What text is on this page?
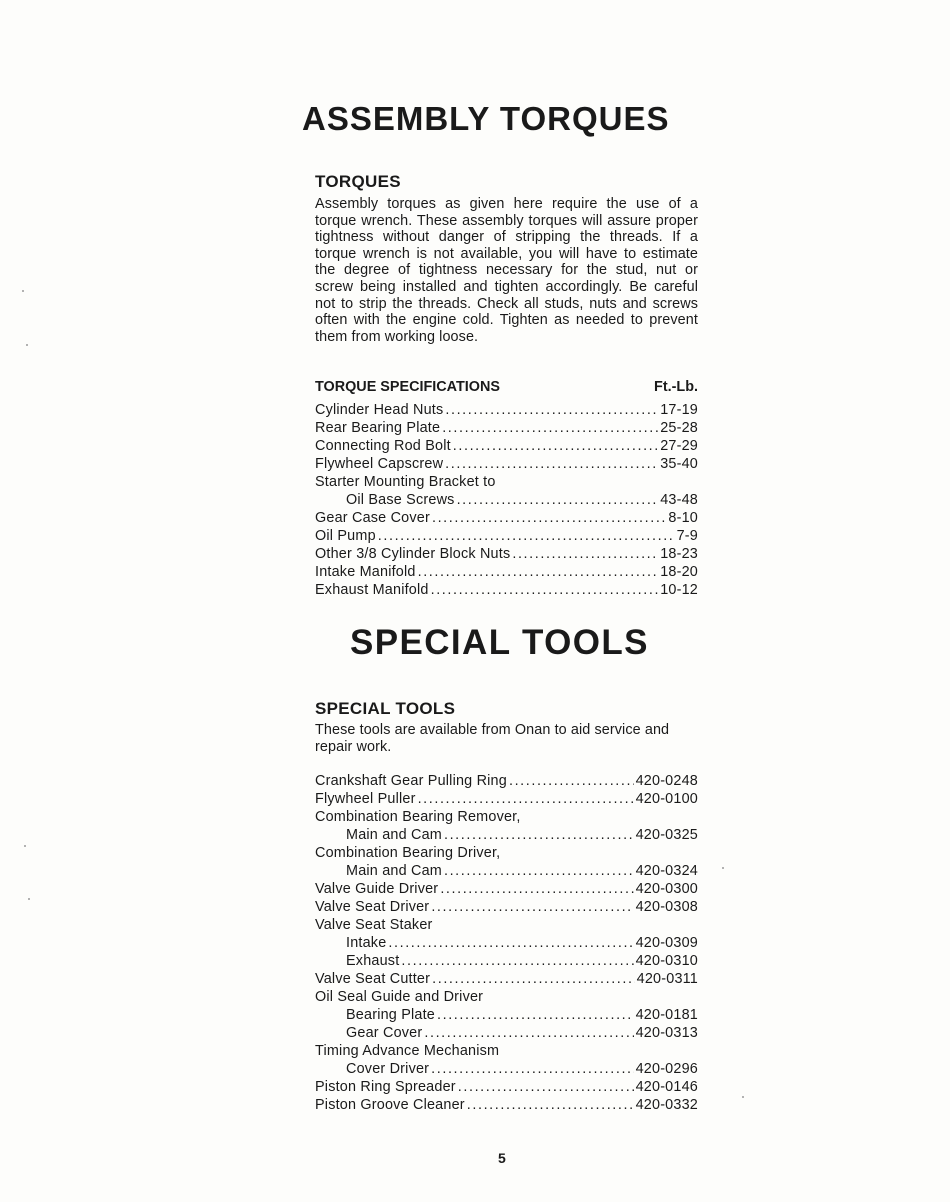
ASSEMBLY TORQUES
TORQUES

Assembly torques as given here require the use of a torque wrench. These assembly torques will assure proper tightness without danger of stripping the threads. If a torque wrench is not available, you will have to estimate the degree of tightness necessary for the stud, nut or screw being installed and tighten accordingly. Be careful not to strip the threads. Check all studs, nuts and screws often with the engine cold. Tighten as needed to prevent them from working loose.

TORQUE SPECIFICATIONS	Ft.-Lb.
Cylinder Head Nuts . . .	17-19
Rear Bearing Plate . . .	25-28
Connecting Rod Bolt . . .	27-29
Flywheel Capscrew . . .	35-40
Starter Mounting Bracket to
Oil Base Screws . . .	43-48
Gear Case Cover . . .	8-10
Oil Pump . . .	7-9
Other 3/8 Cylinder Block Nuts . . .	18-23
Intake Manifold . . .	18-20
Exhaust Manifold . . .	10-12
SPECIAL TOOLS
SPECIAL TOOLS

These tools are available from Onan to aid service and repair work.

Crankshaft Gear Pulling Ring . . .	420-0248
Flywheel Puller . . .	420-0100
Combination Bearing Remover,
Main and Cam . . .	420-0325
Combination Bearing Driver,
Main and Cam . . .	420-0324
Valve Guide Driver . . .	420-0300
Valve Seat Driver . . .	420-0308
Valve Seat Staker
Intake . . .	420-0309
Exhaust . . .	420-0310
Valve Seat Cutter . . .	420-0311
Oil Seal Guide and Driver
Bearing Plate . . .	420-0181
Gear Cover . . .	420-0313
Timing Advance Mechanism
Cover Driver . . .	420-0296
Piston Ring Spreader . . .	420-0146
Piston Groove Cleaner . . .	420-0332
5
